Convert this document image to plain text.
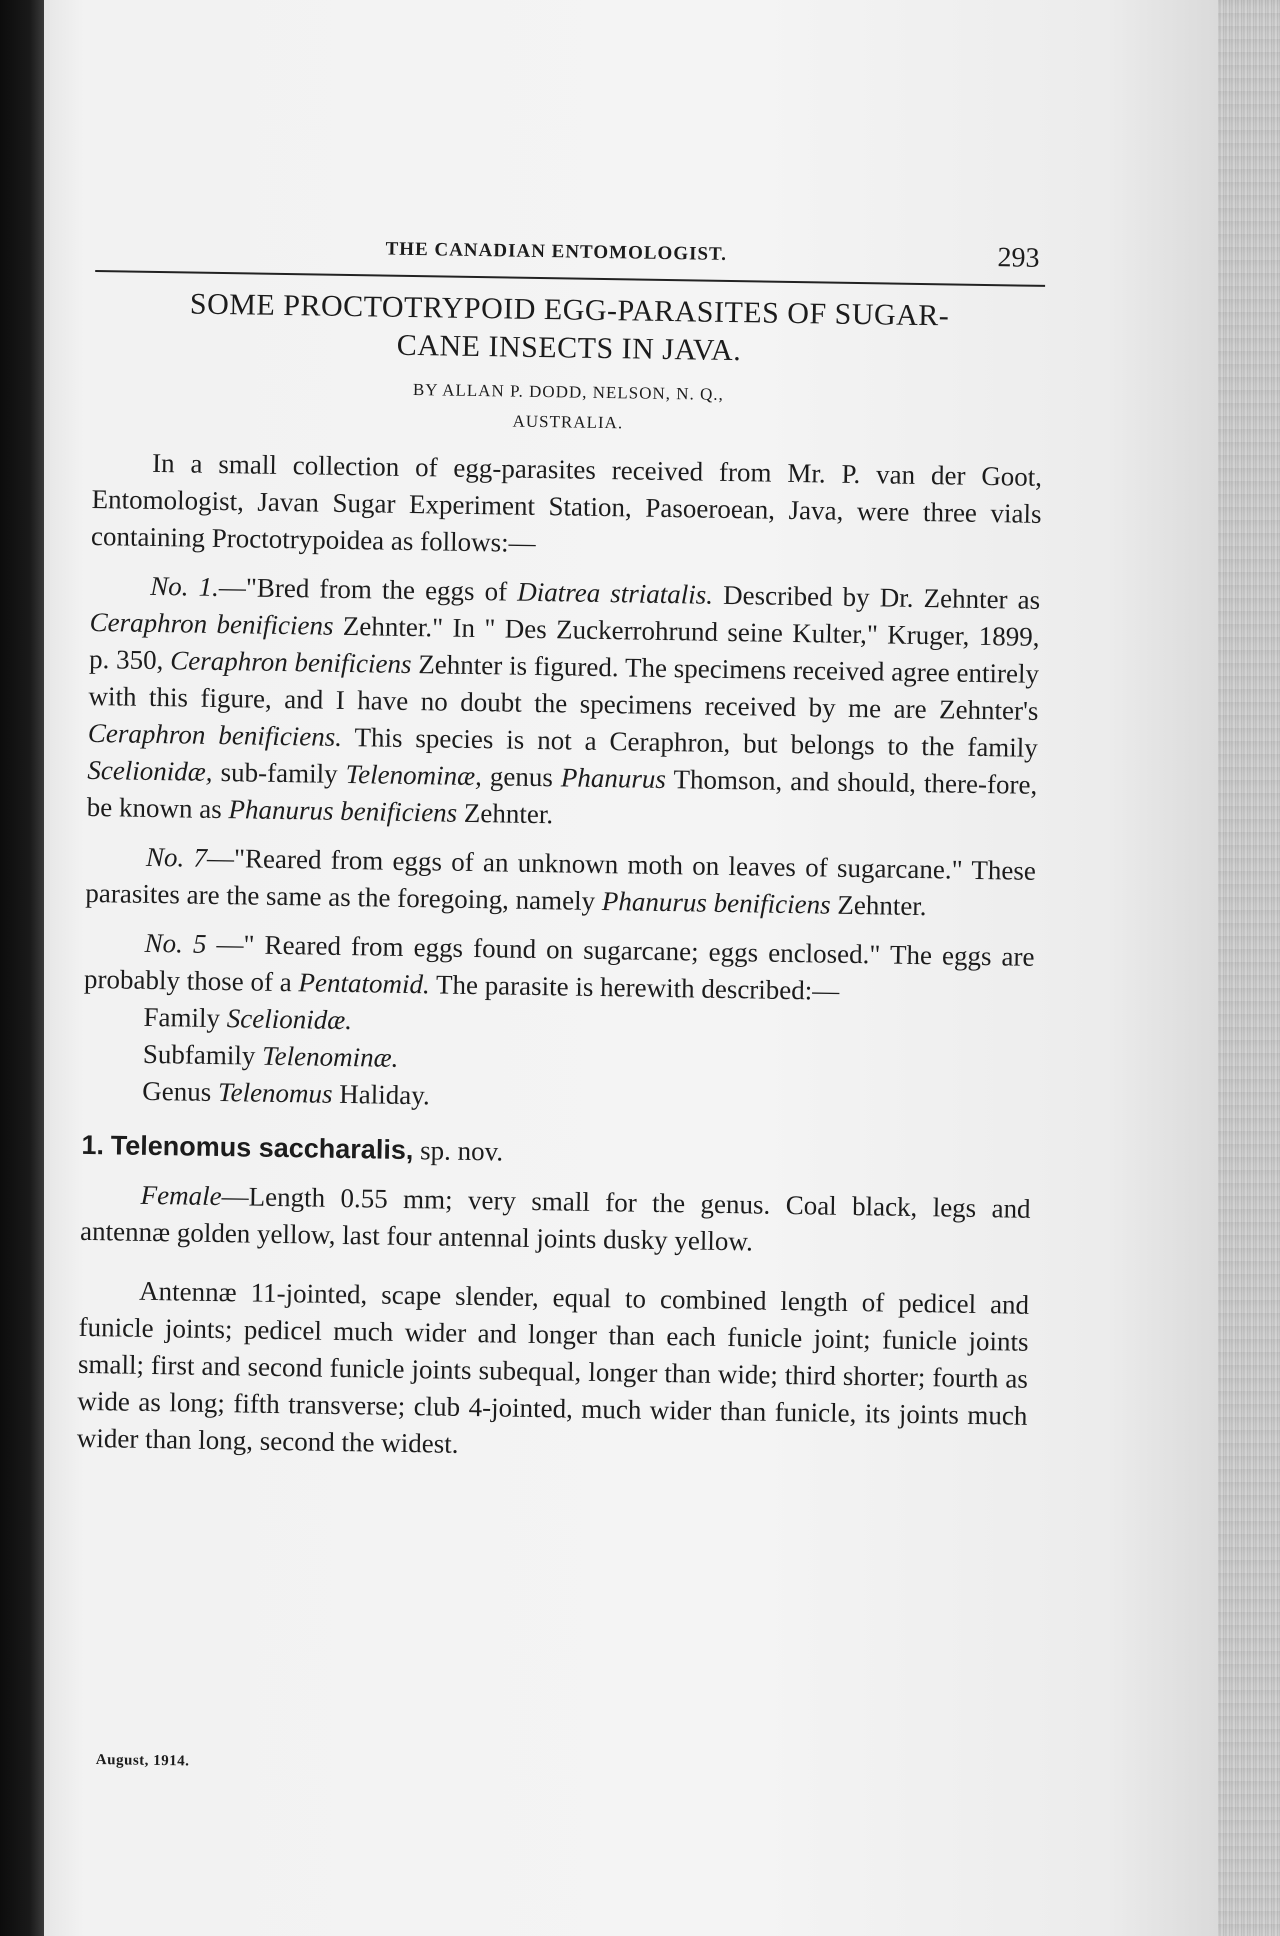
THE CANADIAN ENTOMOLOGIST.	293
SOME PROCTOTRYPOID EGG-PARASITES OF SUGAR-
CANE INSECTS IN JAVA.
BY ALLAN P. DODD, NELSON, N. Q.,
AUSTRALIA.

In a small collection of egg-parasites received from Mr. P. van der Goot, Entomologist, Javan Sugar Experiment Station, Pasoeroean, Java, were three vials containing Proctotrypoidea as follows:—

No. 1.—"Bred from the eggs of Diatrea striatalis. Described by Dr. Zehnter as Ceraphron benificiens Zehnter." In " Des Zuckerrohrund seine Kulter," Kruger, 1899, p. 350, Ceraphron benificiens Zehnter is figured. The specimens received agree entirely with this figure, and I have no doubt the specimens received by me are Zehnter's Ceraphron benificiens. This species is not a Ceraphron, but belongs to the family Scelionidæ, sub-family Telenominæ, genus Phanurus Thomson, and should, there-fore, be known as Phanurus benificiens Zehnter.

No. 7—"Reared from eggs of an unknown moth on leaves of sugarcane." These parasites are the same as the foregoing, namely Phanurus benificiens Zehnter.

No. 5 —" Reared from eggs found on sugarcane; eggs enclosed." The eggs are probably those of a Pentatomid. The parasite is herewith described:—

Family Scelionidæ.
Subfamily Telenominæ.
Genus Telenomus Haliday.
1. Telenomus saccharalis, sp. nov.

Female—Length 0.55 mm; very small for the genus. Coal black, legs and antennæ golden yellow, last four antennal joints dusky yellow.

Antennæ 11-jointed, scape slender, equal to combined length of pedicel and funicle joints; pedicel much wider and longer than each funicle joint; funicle joints small; first and second funicle joints subequal, longer than wide; third shorter; fourth as wide as long; fifth transverse; club 4-jointed, much wider than funicle, its joints much wider than long, second the widest.

August, 1914.
